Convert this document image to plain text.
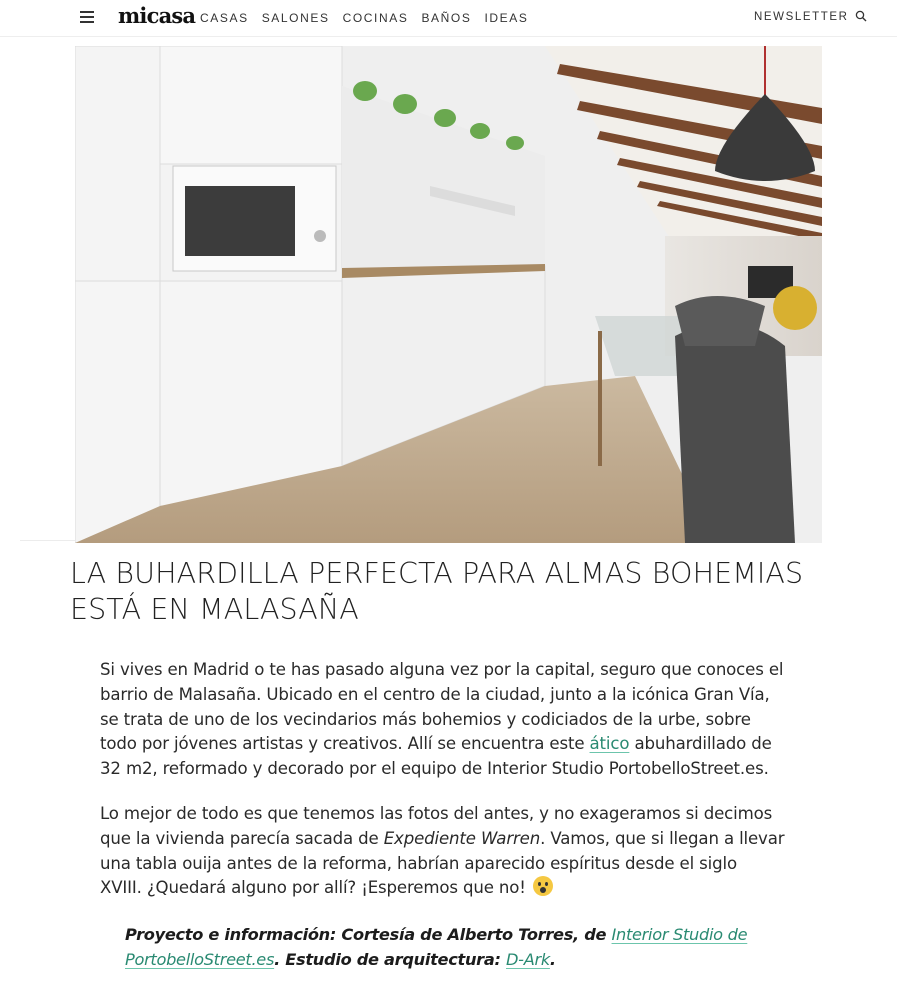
micasa CASAS SALONES COCINAS BAÑOS IDEAS	NEWSLETTER
LA BUHARDILLA PERFECTA PARA ALMAS BOHEMIAS
ESTÁ EN MALASAÑA

Si vives en Madrid o te has pasado alguna vez por la capital, seguro que conoces el
barrio de Malasaña. Ubicado en el centro de la ciudad, junto a la icónica Gran Vía,
se trata de uno de los vecindarios más bohemios y codiciados de la urbe, sobre
todo por jóvenes artistas y creativos. Allí se encuentra este ático abuhardillado de
32 m2, reformado y decorado por el equipo de Interior Studio PortobelloStreet.es.

Lo mejor de todo es que tenemos las fotos del antes, y no exageramos si decimos
que la vivienda parecía sacada de Expediente Warren. Vamos, que si llegan a llevar
una tabla ouija antes de la reforma, habrían aparecido espíritus desde el siglo
XVIII. ¿Quedará alguno por allí? ¡Esperemos que no!

Proyecto e información: Cortesía de Alberto Torres, de Interior Studio de
PortobelloStreet.es. Estudio de arquitectura: D-Ark.
